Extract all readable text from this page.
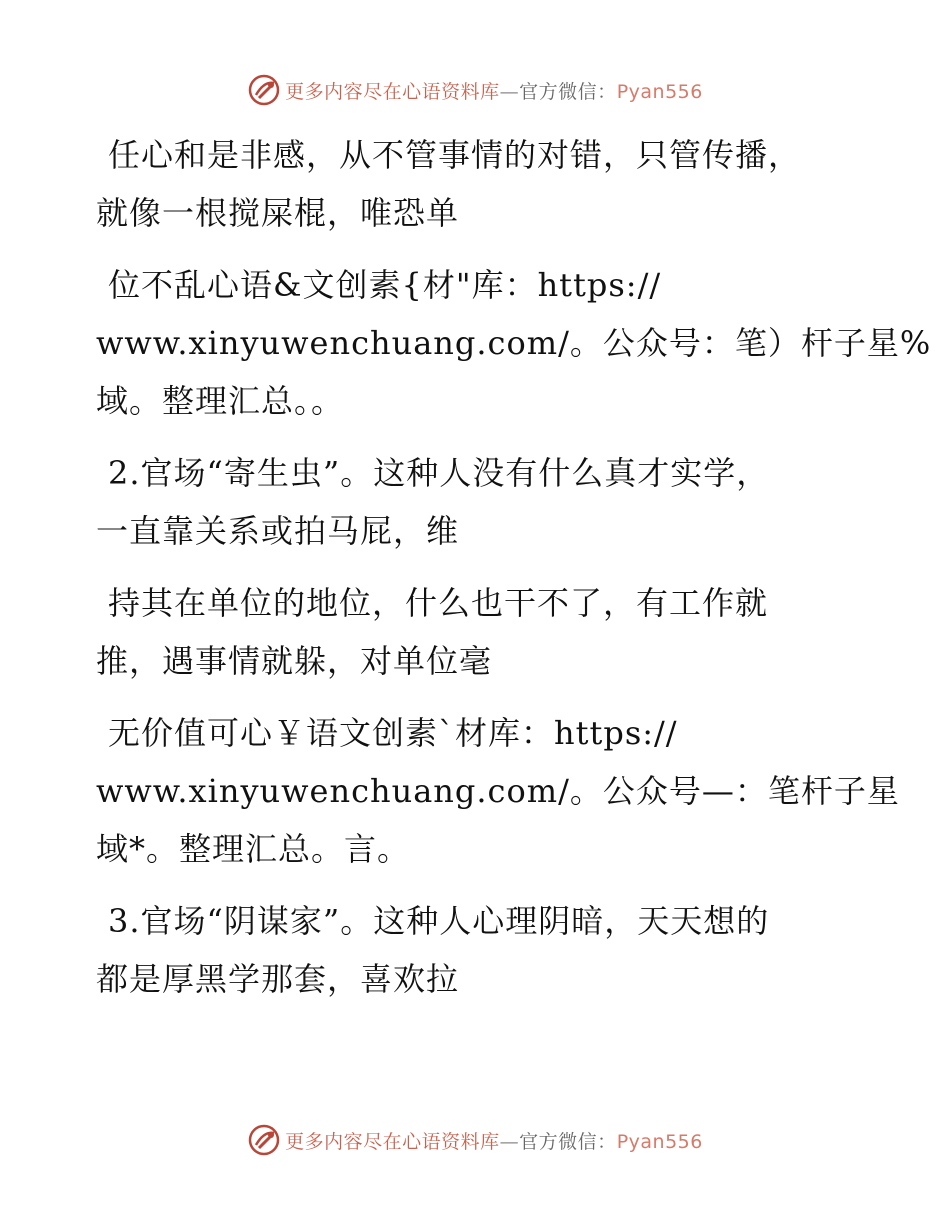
更多内容尽在心语资料库—官方微信：Pyan556

任心和是非感，从不管事情的对错，只管传播，
就像一根搅屎棍，唯恐单

位不乱心语&文创素{材"库：https://
www.xinyuwenchuang.com/。公众号：笔）杆子星%
域。整理汇总。。

2.官场“寄生虫”。这种人没有什么真才实学，
一直靠关系或拍马屁，维

持其在单位的地位，什么也干不了，有工作就
推，遇事情就躲，对单位毫

无价值可心￥语文创素`材库：https://
www.xinyuwenchuang.com/。公众号—：笔杆子星
域*。整理汇总。言。

3.官场“阴谋家”。这种人心理阴暗，天天想的
都是厚黑学那套，喜欢拉

更多内容尽在心语资料库—官方微信：Pyan556
